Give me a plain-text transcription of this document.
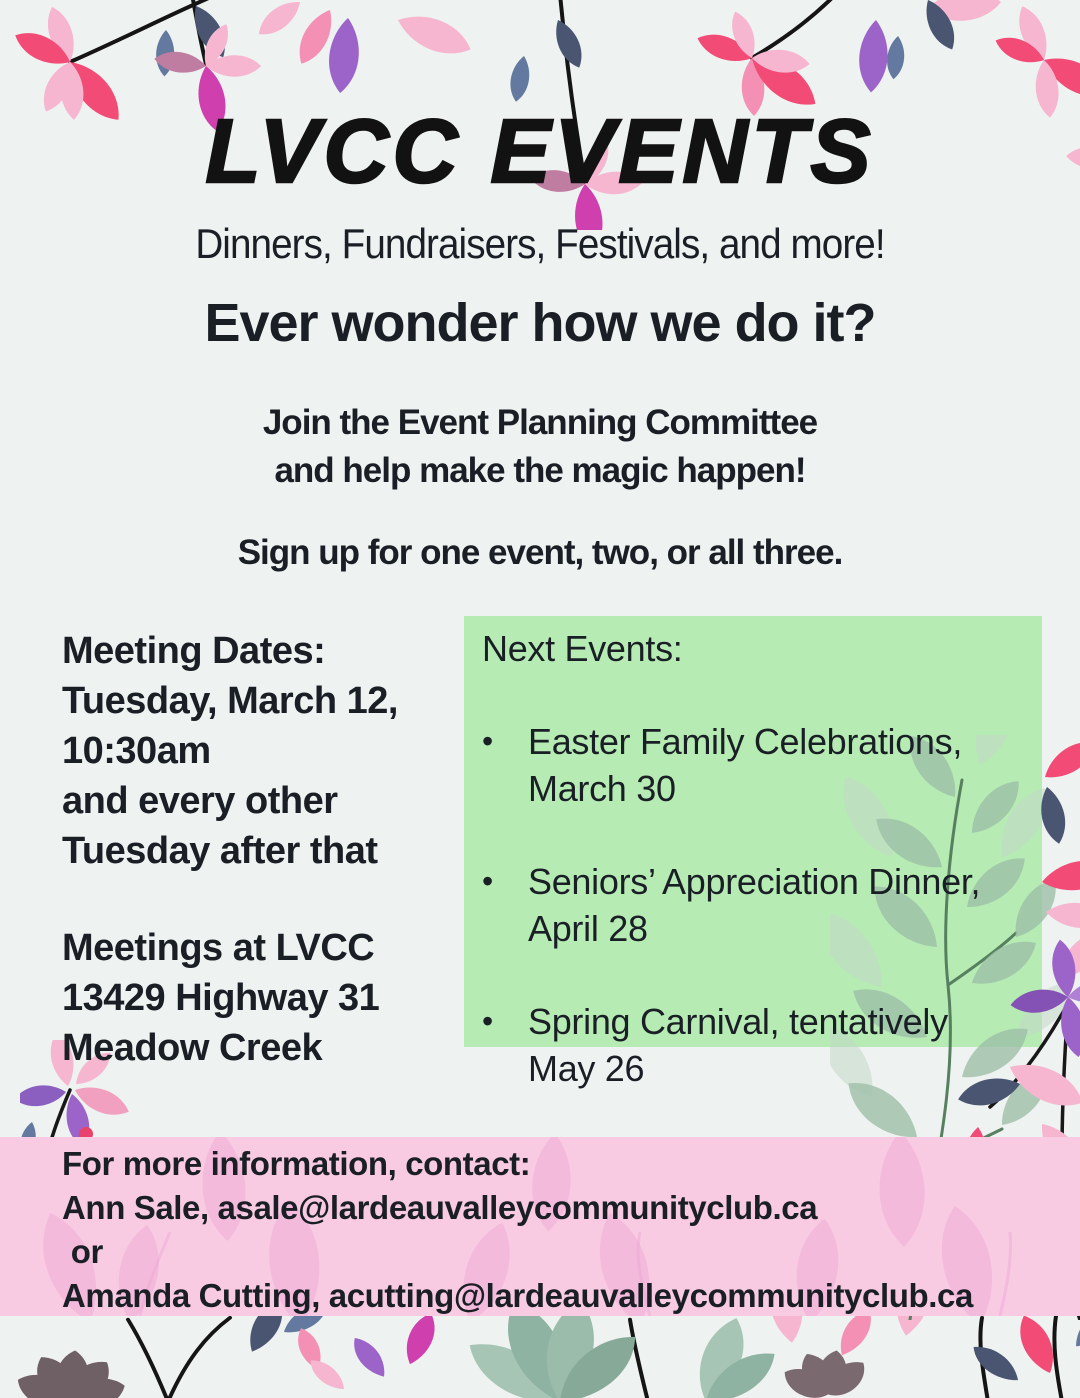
LVCC EVENTS
Dinners, Fundraisers, Festivals, and more!
Ever wonder how we do it?
Join the Event Planning Committee
and help make the magic happen!
Sign up for one event, two, or all three.
Meeting Dates:
Tuesday, March 12,
10:30am
and every other
Tuesday after that
Meetings at LVCC
13429 Highway 31
Meadow Creek
Next Events:
• Easter Family Celebrations,
March 30
• Seniors’ Appreciation Dinner,
April 28
• Spring Carnival, tentatively
May 26
For more information, contact:
Ann Sale, asale@lardeauvalleycommunityclub.ca
or
Amanda Cutting, acutting@lardeauvalleycommunityclub.ca
